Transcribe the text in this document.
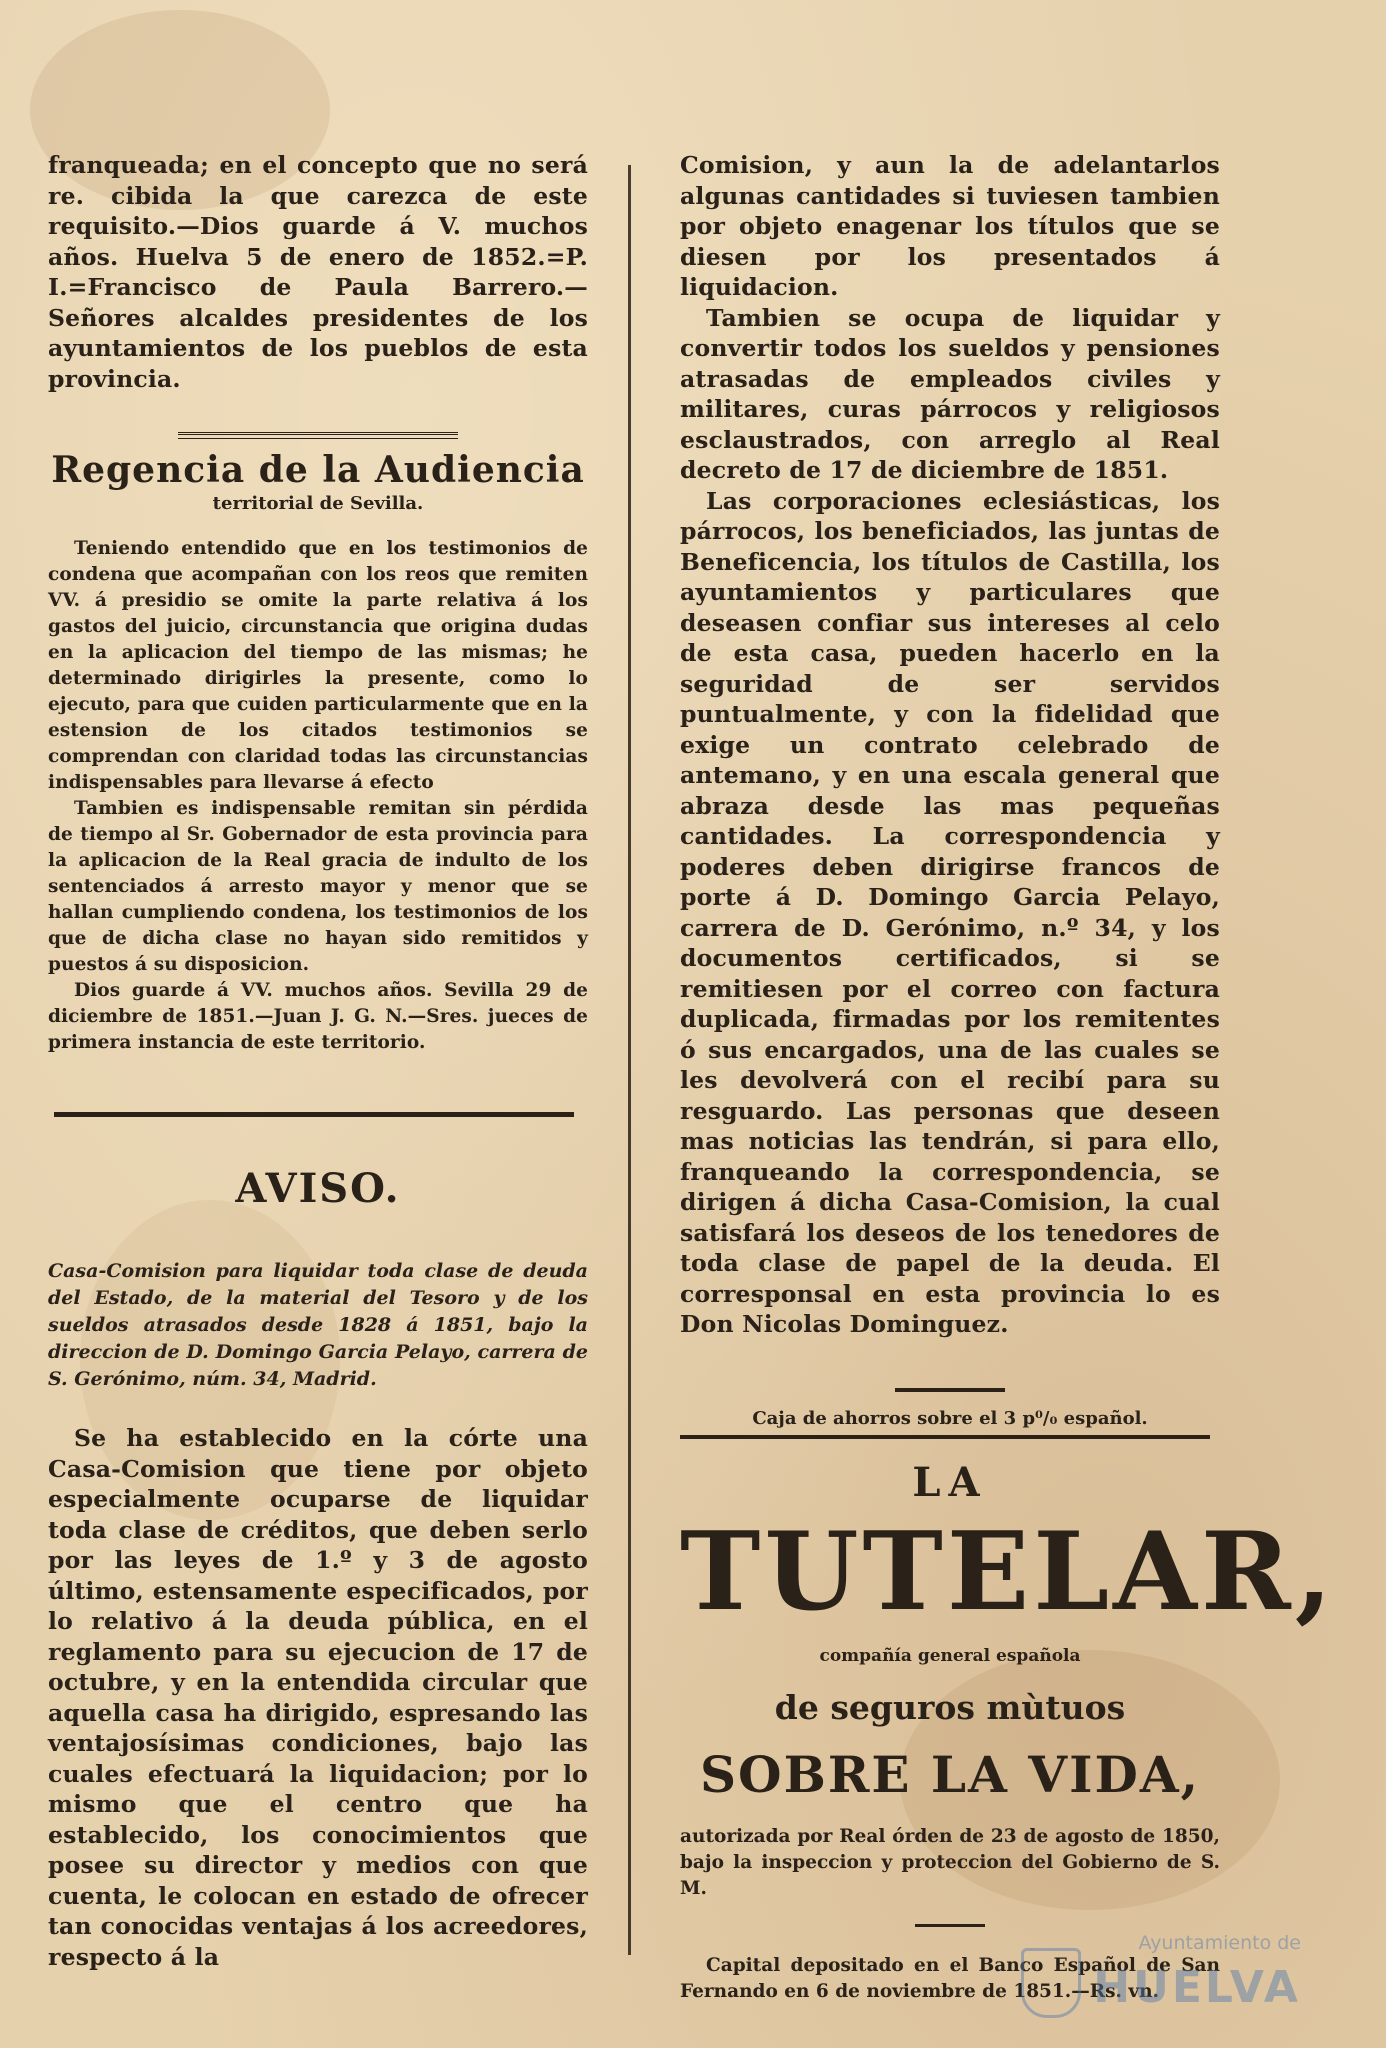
franqueada; en el concepto que no será re. cibida la que carezca de este requisito.—Dios guarde á V. muchos años. Huelva 5 de enero de 1852.=P. I.=Francisco de Paula Barrero.—Señores alcaldes presidentes de los ayuntamientos de los pueblos de esta provincia.

Regencia de la Audiencia
territorial de Sevilla.

Teniendo entendido que en los testimonios de condena que acompañan con los reos que remiten VV. á presidio se omite la parte relativa á los gastos del juicio, circunstancia que origina dudas en la aplicacion del tiempo de las mismas; he determinado dirigirles la presente, como lo ejecuto, para que cuiden particularmente que en la estension de los citados testimonios se comprendan con claridad todas las circunstancias indispensables para llevarse á efecto

Tambien es indispensable remitan sin pérdida de tiempo al Sr. Gobernador de esta provincia para la aplicacion de la Real gracia de indulto de los sentenciados á arresto mayor y menor que se hallan cumpliendo condena, los testimonios de los que de dicha clase no hayan sido remitidos y puestos á su disposicion.

Dios guarde á VV. muchos años. Sevilla 29 de diciembre de 1851.—Juan J. G. N.—Sres. jueces de primera instancia de este territorio.

AVISO.

Casa-Comision para liquidar toda clase de deuda del Estado, de la material del Tesoro y de los sueldos atrasados desde 1828 á 1851, bajo la direccion de D. Domingo Garcia Pelayo, carrera de S. Gerónimo, núm. 34, Madrid.

Se ha establecido en la córte una Casa-Comision que tiene por objeto especialmente ocuparse de liquidar toda clase de créditos, que deben serlo por las leyes de 1.º y 3 de agosto último, estensamente especificados, por lo relativo á la deuda pública, en el reglamento para su ejecucion de 17 de octubre, y en la entendida circular que aquella casa ha dirigido, espresando las ventajosísimas condiciones, bajo las cuales efectuará la liquidacion; por lo mismo que el centro que ha establecido, los conocimientos que posee su director y medios con que cuenta, le colocan en estado de ofrecer tan conocidas ventajas á los acreedores, respecto á la

Comision, y aun la de adelantarlos algunas cantidades si tuviesen tambien por objeto enagenar los títulos que se diesen por los presentados á liquidacion.

Tambien se ocupa de liquidar y convertir todos los sueldos y pensiones atrasadas de empleados civiles y militares, curas párrocos y religiosos esclaustrados, con arreglo al Real decreto de 17 de diciembre de 1851.

Las corporaciones eclesiásticas, los párrocos, los beneficiados, las juntas de Beneficencia, los títulos de Castilla, los ayuntamientos y particulares que deseasen confiar sus intereses al celo de esta casa, pueden hacerlo en la seguridad de ser servidos puntualmente, y con la fidelidad que exige un contrato celebrado de antemano, y en una escala general que abraza desde las mas pequeñas cantidades. La correspondencia y poderes deben dirigirse francos de porte á D. Domingo Garcia Pelayo, carrera de D. Gerónimo, n.º 34, y los documentos certificados, si se remitiesen por el correo con factura duplicada, firmadas por los remitentes ó sus encargados, una de las cuales se les devolverá con el recibí para su resguardo. Las personas que deseen mas noticias las tendrán, si para ello, franqueando la correspondencia, se dirigen á dicha Casa-Comision, la cual satisfará los deseos de los tenedores de toda clase de papel de la deuda. El corresponsal en esta provincia lo es Don Nicolas Dominguez.

Caja de ahorros sobre el 3 p⁰/₀ español.
LA
TUTELAR,
compañía general española
de seguros mùtuos
SOBRE LA VIDA,

autorizada por Real órden de 23 de agosto de 1850, bajo la inspeccion y proteccion del Gobierno de S. M.

Capital depositado en el Banco Español de San Fernando en 6 de noviembre de 1851.—Rs. vn.

Ayuntamiento de
HUELVA
